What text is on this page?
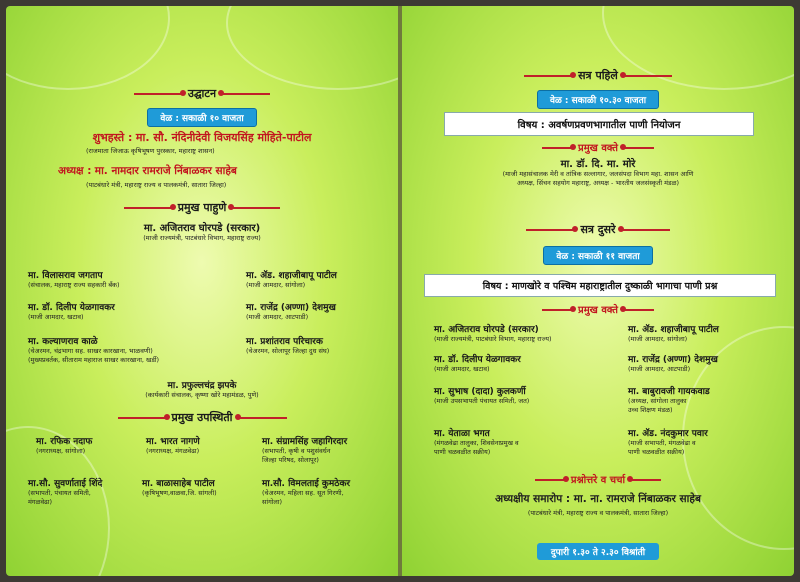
उद्घाटन
वेळ : सकाळी १० वाजता
शुभहस्ते : मा. सौ. नंदिनीदेवी विजयसिंह मोहिते-पाटील
(राजमाता जिजाऊ कृषिभूषण पुरस्कार, महाराष्ट्र शासन)
अध्यक्ष : मा. नामदार रामराजे निंबाळकर साहेब
(पाटबंधारे मंत्री, महाराष्ट्र राज्य व पालकमंत्री, सातारा जिल्हा)
प्रमुख पाहुणे
मा. अजितराव घोरपडे (सरकार)
(माजी राज्यमंत्री, पाटबंधारे विभाग, महाराष्ट्र राज्य)
मा. विलासराव जगताप
(संचालक, महाराष्ट्र राज्य सहकारी बँक)
मा. ॲड. शहाजीबापू पाटील
(माजी आमदार, सांगोला)
मा. डॉ. दिलीप येळगावकर
(माजी आमदार, खटाव)
मा. राजेंद्र (अण्णा) देशमुख
(माजी आमदार, आटपाडी)
मा. कल्याणराव काळे
(चेअरमन, चंद्रभागा सह. साखर कारखाना, भाळवणी)
(मुख्यप्रवर्तक, सीताराम महाराज साखर कारखाना, खर्डी)
मा. प्रशांतराव परिचारक
(चेअरमन, सोलापूर जिल्हा दुध संघ)
मा. प्रफुल्लचंद्र झपके
(कार्यकारी संचालक, कृष्णा खोरे महामंडळ, पुणे)
प्रमुख उपस्थिती
मा. रफिक नदाफ
(नगराध्यक्ष, सांगोला)
मा. भारत नागणे
(नगराध्यक्ष, मंगळवेढा)
मा. संग्रामसिंह जहागिरदार
(सभापती, कृषी व पशुसंवर्धन
जिल्हा परिषद, सोलापूर)
मा.सौ. सुवर्णाताई शिंदे
(सभापती, पंचायत समिती,
मंगळवेढा)
मा. बाळासाहेब पाटील
(कृषिभूषण,वाळवा,जि. सांगली)
मा.सौ. विमलताई कुमठेकर
(चेअरमन, महिला सह. सूत गिरणी,
सांगोला)
सत्र पहिले
वेळ : सकाळी १०.३० वाजता
विषय : अवर्षणप्रवणभागातील पाणी नियोजन
प्रमुख वक्ते
मा. डॉ. दि. मा. मोरे
(माजी महासंचालक मेरी व तांत्रिक सल्लागार, जलसंपदा विभाग महा. शासन आणि
अध्यक्ष, सिंचन सहयोग महाराष्ट्र, अध्यक्ष - भारतीय जलसंस्कृती मंडळ)
सत्र दुसरे
वेळ : सकाळी ११ वाजता
विषय : माणखोरे व पश्चिम महाराष्ट्रातील दुष्काळी भागाचा पाणी प्रश्न
प्रमुख वक्ते
मा. अजितराव घोरपडे (सरकार)
(माजी राज्यमंत्री, पाटबंधारे विभाग, महाराष्ट्र राज्य)
मा. ॲड. शहाजीबापू पाटील
(माजी आमदार, सांगोला)
मा. डॉ. दिलीप येळगावकर
(माजी आमदार, खटाव)
मा. राजेंद्र (अण्णा) देशमुख
(माजी आमदार, आटपाडी)
मा. सुभाष (दादा) कुलकर्णी
(माजी उपसभापती पंचायत समिती, जत)
मा. बाबुरावजी गायकवाड
(अध्यक्ष, सांगोला तालुका
उच्च शिक्षण मंडळ)
मा. येताळा भगत
(मंगळवेढा तालुका, शिवसेनाप्रमुख व
पाणी चळवळीत सक्रीय)
मा. ॲड. नंदकुमार पवार
(माजी सभापती, मंगळवेढा व
पाणी चळवळीत सक्रीय)
प्रश्नोत्तरे व चर्चा
अध्यक्षीय समारोप : मा. ना. रामराजे निंबाळकर साहेब
(पाटबंधारे मंत्री, महाराष्ट्र राज्य व पालकमंत्री, सातारा जिल्हा)
दुपारी १.३० ते २.३० विश्रांती
